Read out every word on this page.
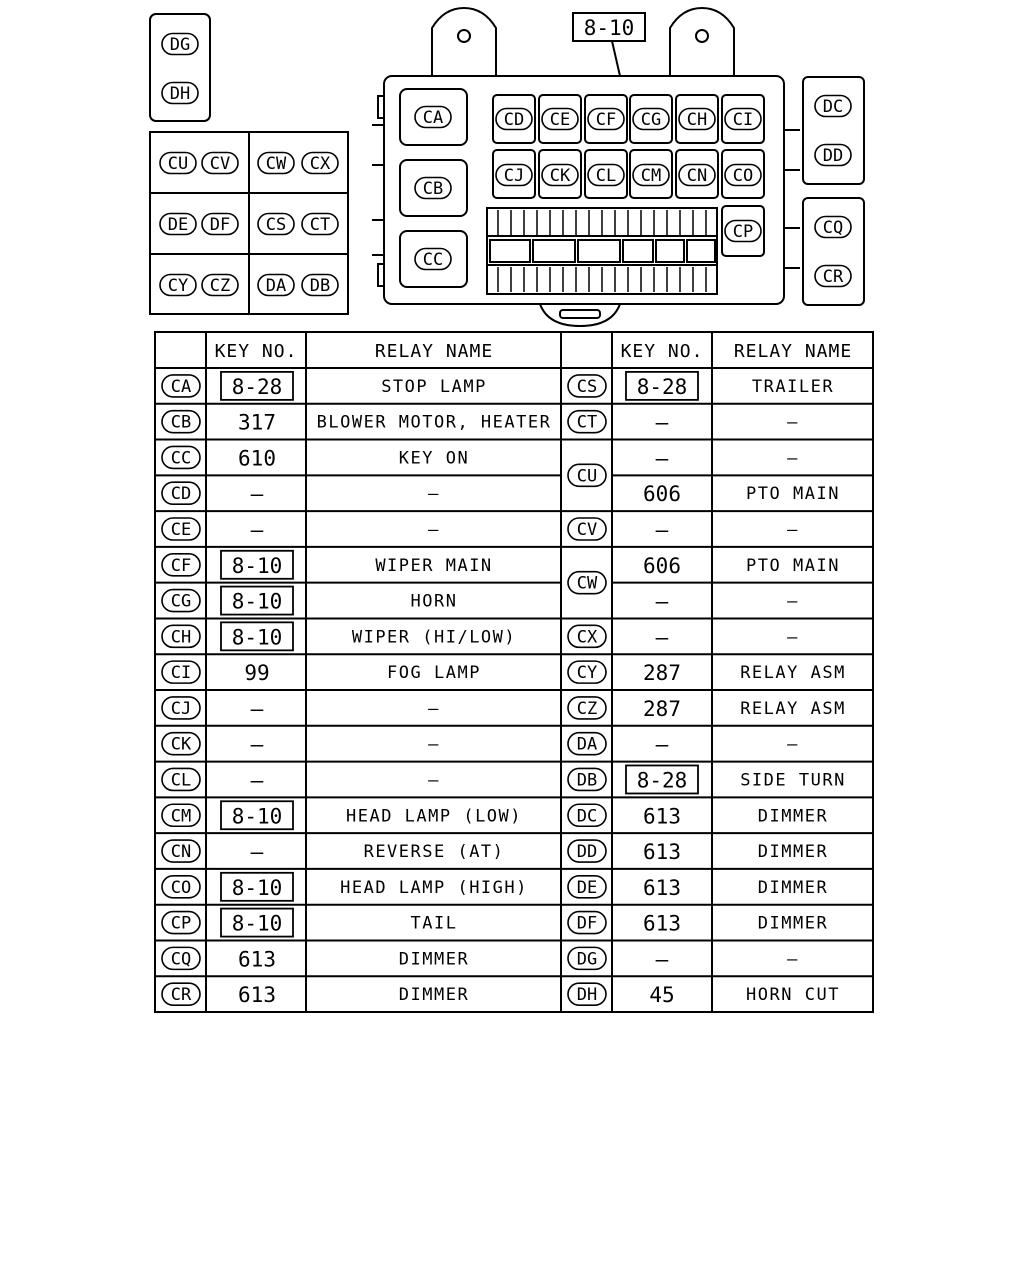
8-10
DG
DH
CU CV CW CX
DE DF CS CT
CY CZ DA DB
CA
CB
CC
CD CE CF CG CH CI
CJ CK CL CM CN CO
CP
DC
DD
CQ
CR
KEY NO.	RELAY NAME	KEY NO. RELAY NAME
CA 8-28	STOP LAMP
CB 317 BLOWER MOTOR, HEATER
CC 610	KEY ON
CD	—	—
CE	—	—
CF 8-10	WIPER MAIN
CG 8-10	HORN
CH 8-10	WIPER (HI/LOW)
CI	99	FOG LAMP
CJ	—	—
CK	—	—
CL	—	—
CM 8-10	HEAD LAMP (LOW)
CN	—	REVERSE (AT)
CO 8-10	HEAD LAMP (HIGH)
CP 8-10	TAIL
CQ 613	DIMMER
CR 613	DIMMER
CS 8-28	TRAILER
CT	—	—
CU
—	—
606	PTO MAIN
CV	—	—
CW
606	PTO MAIN
—	—
CX	—	—
CY 287	RELAY ASM
CZ 287	RELAY ASM
DA	—	—
DB 8-28	SIDE TURN
DC 613	DIMMER
DD 613	DIMMER
DE 613	DIMMER
DF 613	DIMMER
DG	—	—
DH 45	HORN CUT
